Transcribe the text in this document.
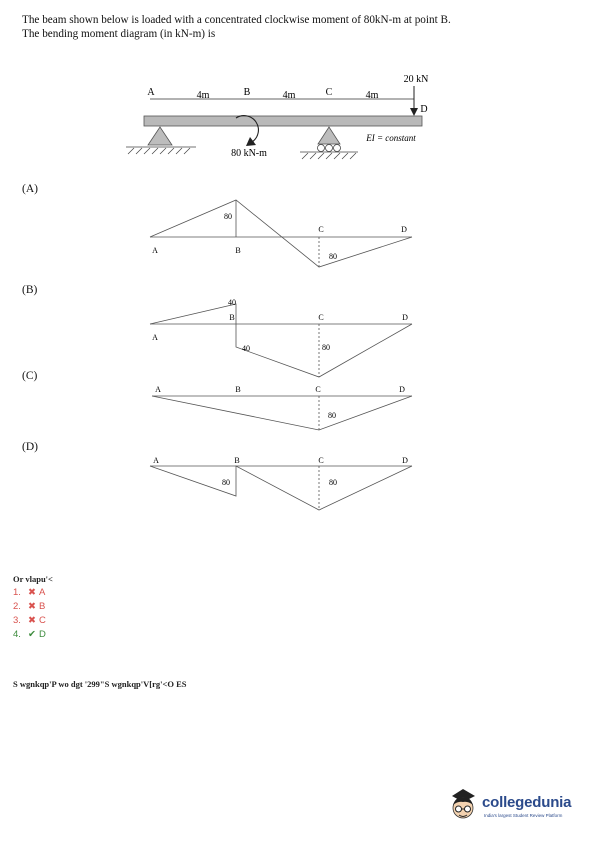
The beam shown below is loaded with a concentrated clockwise moment of 80kN-m at point B.
The bending moment diagram (in kN-m) is
A	4m	B	4m	C	4m
20 kN
D
80 kN-m
EI = constant
(A)
(B)
(C)
(D)
A	B
C	D
80
80
A
40
B
40
C
80
D
A	B	C	D
80
A	B	C	D
80	80
Or vlapu'<
1. ✖ A
2. ✖ B
3. ✖ C
4. ✔ D
S wgnkqp'P wo dgt '299"S wgnkqp'V[rg'<O ES
collegedunia
India's largest Student Review Platform
